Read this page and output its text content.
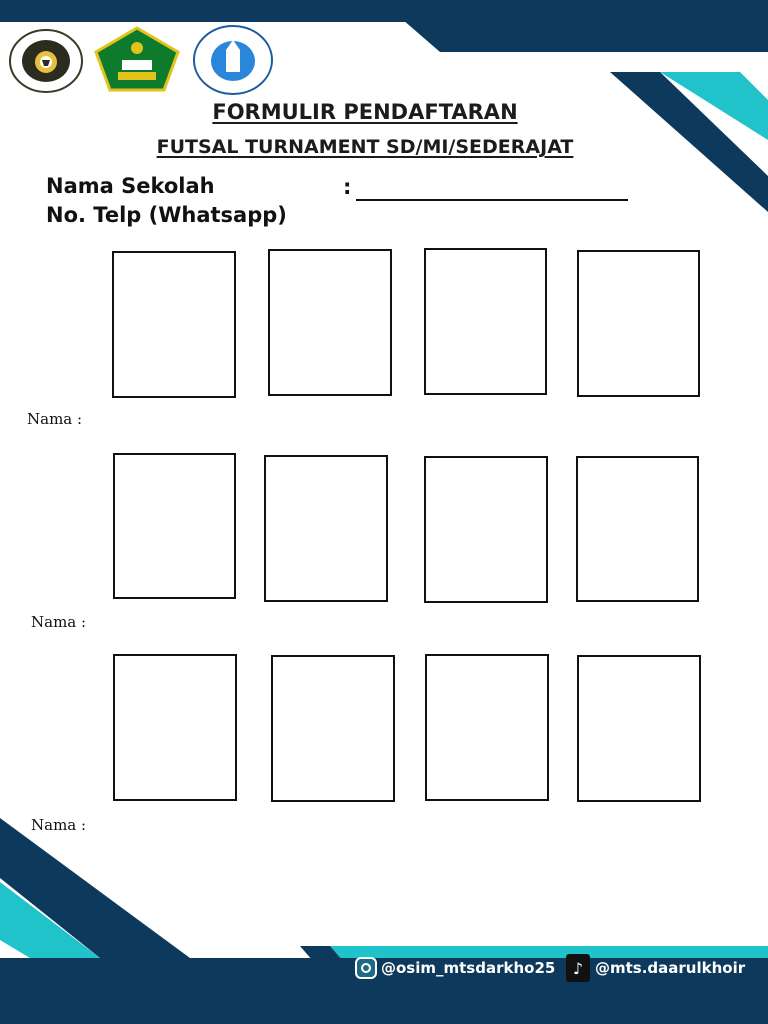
FORMULIR PENDAFTARAN
FUTSAL TURNAMENT SD/MI/SEDERAJAT
Nama Sekolah	:
No. Telp (Whatsapp)
Nama :
Nama :
Nama :
@osim_mtsdarkho25	♪ @mts.daarulkhoir
